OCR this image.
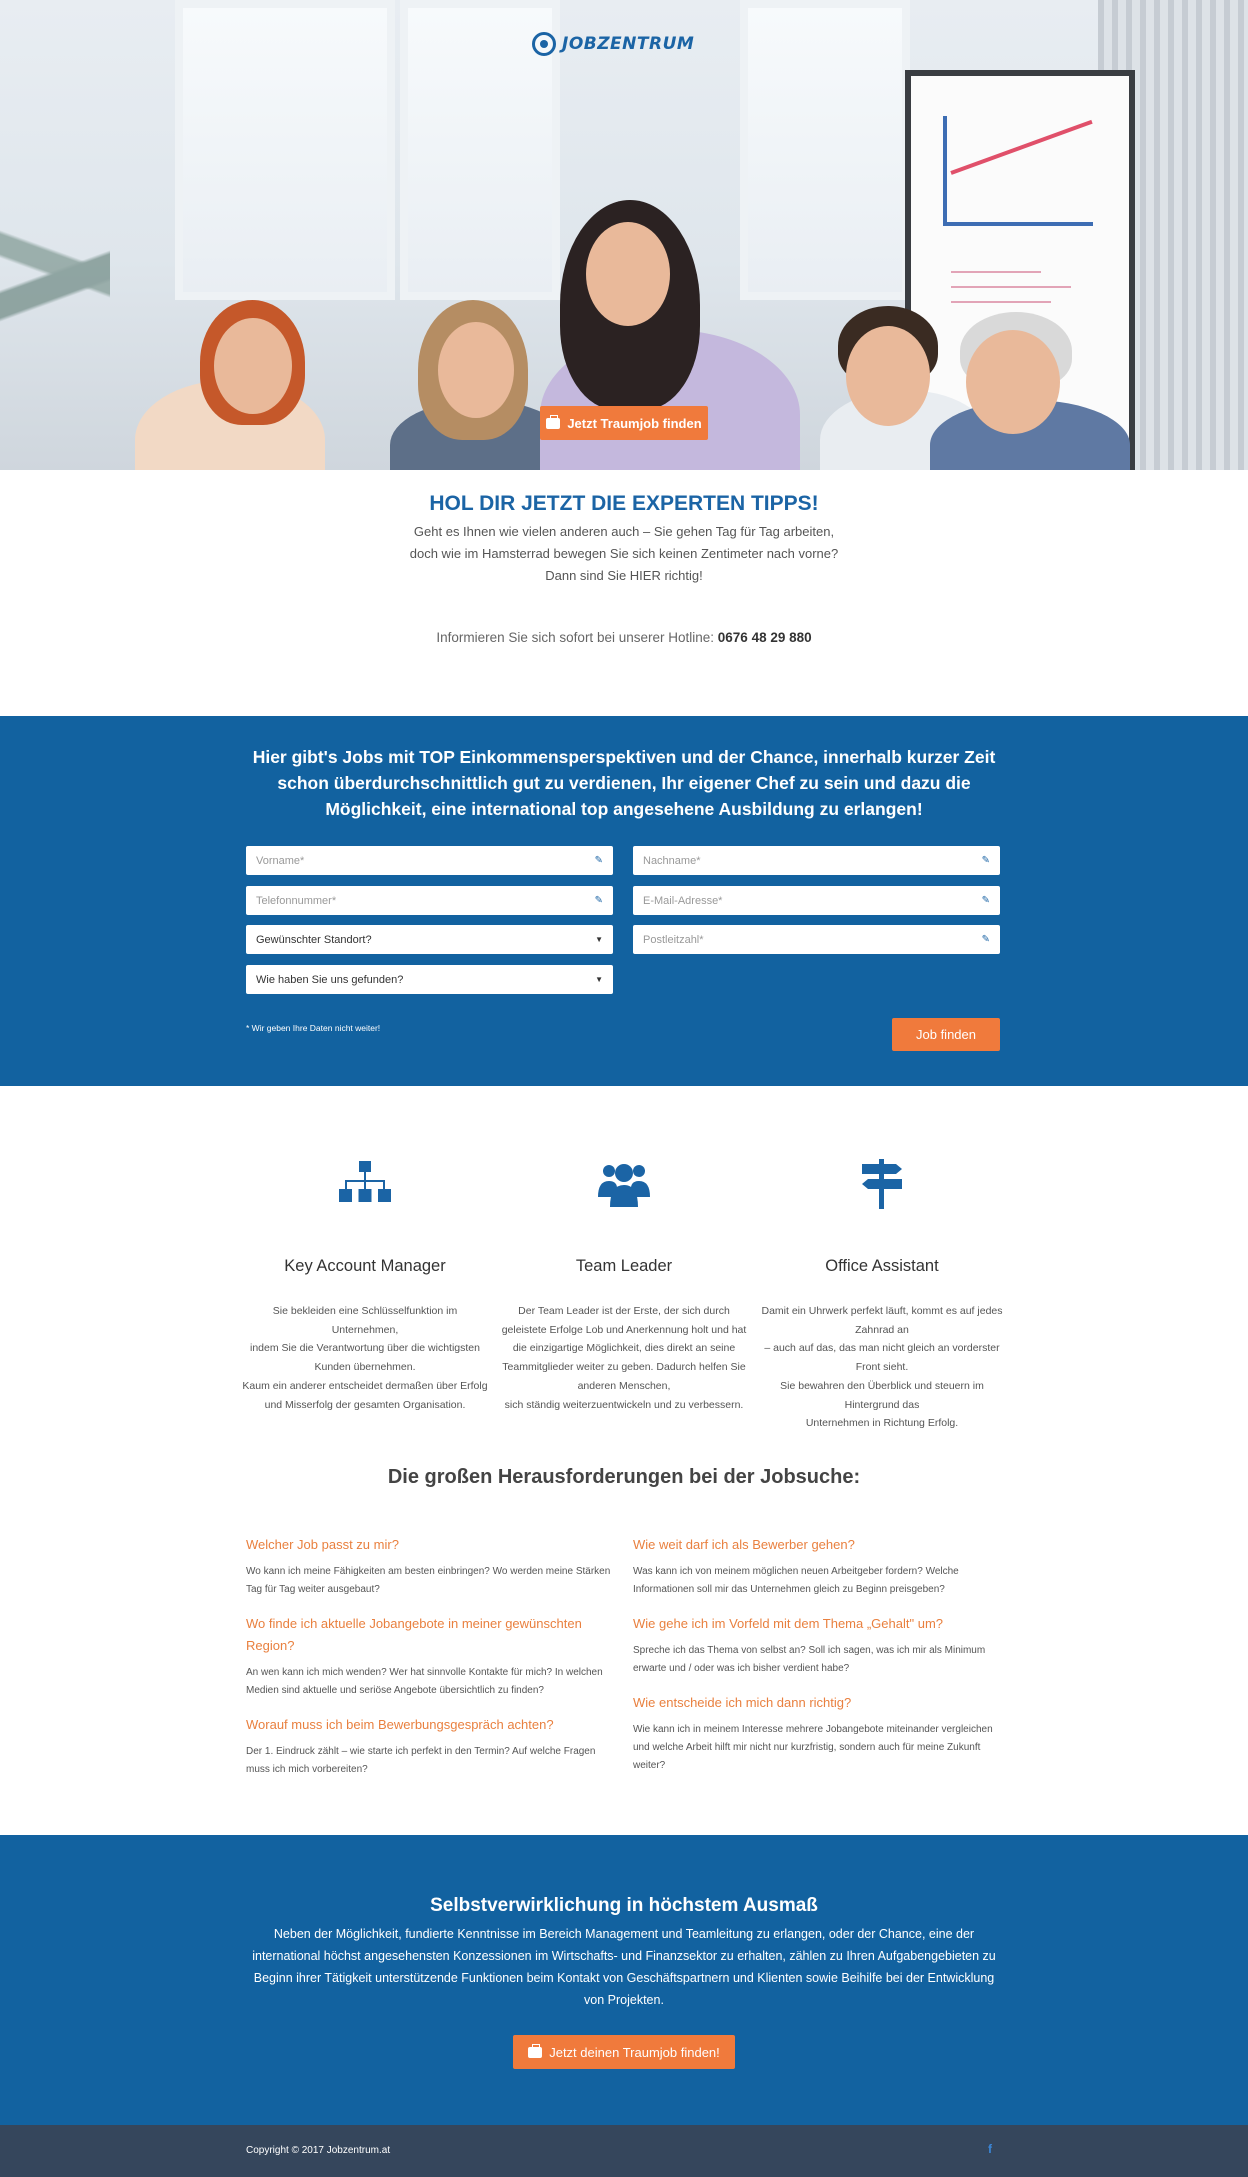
JOBZENTRUM
Jetzt Traumjob finden
HOL DIR JETZT DIE EXPERTEN TIPPS!
Geht es Ihnen wie vielen anderen auch – Sie gehen Tag für Tag arbeiten,
doch wie im Hamsterrad bewegen Sie sich keinen Zentimeter nach vorne?
Dann sind Sie HIER richtig!
Informieren Sie sich sofort bei unserer Hotline: 0676 48 29 880
Hier gibt's Jobs mit TOP Einkommensperspektiven und der Chance, innerhalb kurzer Zeit schon überdurchschnittlich gut zu verdienen, Ihr eigener Chef zu sein und dazu die Möglichkeit, eine international top angesehene Ausbildung zu erlangen!
Vorname*	✎	Nachname*	✎
Telefonnummer*	✎	E-Mail-Adresse*	✎
Gewünschter Standort?	▼	Postleitzahl*	✎
Wie haben Sie uns gefunden?	▼
* Wir geben Ihre Daten nicht weiter!	Job finden
Key Account Manager

Sie bekleiden eine Schlüsselfunktion im Unternehmen,
indem Sie die Verantwortung über die wichtigsten Kunden übernehmen.
Kaum ein anderer entscheidet dermaßen über Erfolg und Misserfolg der gesamten Organisation.

Team Leader

Der Team Leader ist der Erste, der sich durch geleistete Erfolge Lob und Anerkennung holt und hat die einzigartige Möglichkeit, dies direkt an seine Teammitglieder weiter zu geben. Dadurch helfen Sie anderen Menschen,
sich ständig weiterzuentwickeln und zu verbessern.

Office Assistant

Damit ein Uhrwerk perfekt läuft, kommt es auf jedes Zahnrad an
– auch auf das, das man nicht gleich an vorderster Front sieht.
Sie bewahren den Überblick und steuern im Hintergrund das
Unternehmen in Richtung Erfolg.

Die großen Herausforderungen bei der Jobsuche:
Welcher Job passt zu mir?

Wo kann ich meine Fähigkeiten am besten einbringen? Wo werden meine Stärken Tag für Tag weiter ausgebaut?

Wo finde ich aktuelle Jobangebote in meiner gewünschten Region?

An wen kann ich mich wenden? Wer hat sinnvolle Kontakte für mich? In welchen Medien sind aktuelle und seriöse Angebote übersichtlich zu finden?

Worauf muss ich beim Bewerbungsgespräch achten?

Der 1. Eindruck zählt – wie starte ich perfekt in den Termin? Auf welche Fragen muss ich mich vorbereiten?

Wie weit darf ich als Bewerber gehen?

Was kann ich von meinem möglichen neuen Arbeitgeber fordern? Welche Informationen soll mir das Unternehmen gleich zu Beginn preisgeben?

Wie gehe ich im Vorfeld mit dem Thema „Gehalt" um?

Spreche ich das Thema von selbst an? Soll ich sagen, was ich mir als Minimum erwarte und / oder was ich bisher verdient habe?

Wie entscheide ich mich dann richtig?

Wie kann ich in meinem Interesse mehrere Jobangebote miteinander vergleichen und welche Arbeit hilft mir nicht nur kurzfristig, sondern auch für meine Zukunft weiter?

Selbstverwirklichung in höchstem Ausmaß

Neben der Möglichkeit, fundierte Kenntnisse im Bereich Management und Teamleitung zu erlangen, oder der Chance, eine der international höchst angesehensten Konzessionen im Wirtschafts- und Finanzsektor zu erhalten, zählen zu Ihren Aufgabengebieten zu Beginn ihrer Tätigkeit unterstützende Funktionen beim Kontakt von Geschäftspartnern und Klienten sowie Beihilfe bei der Entwicklung von Projekten.

Jetzt deinen Traumjob finden!
Copyright © 2017 Jobzentrum.at	f
